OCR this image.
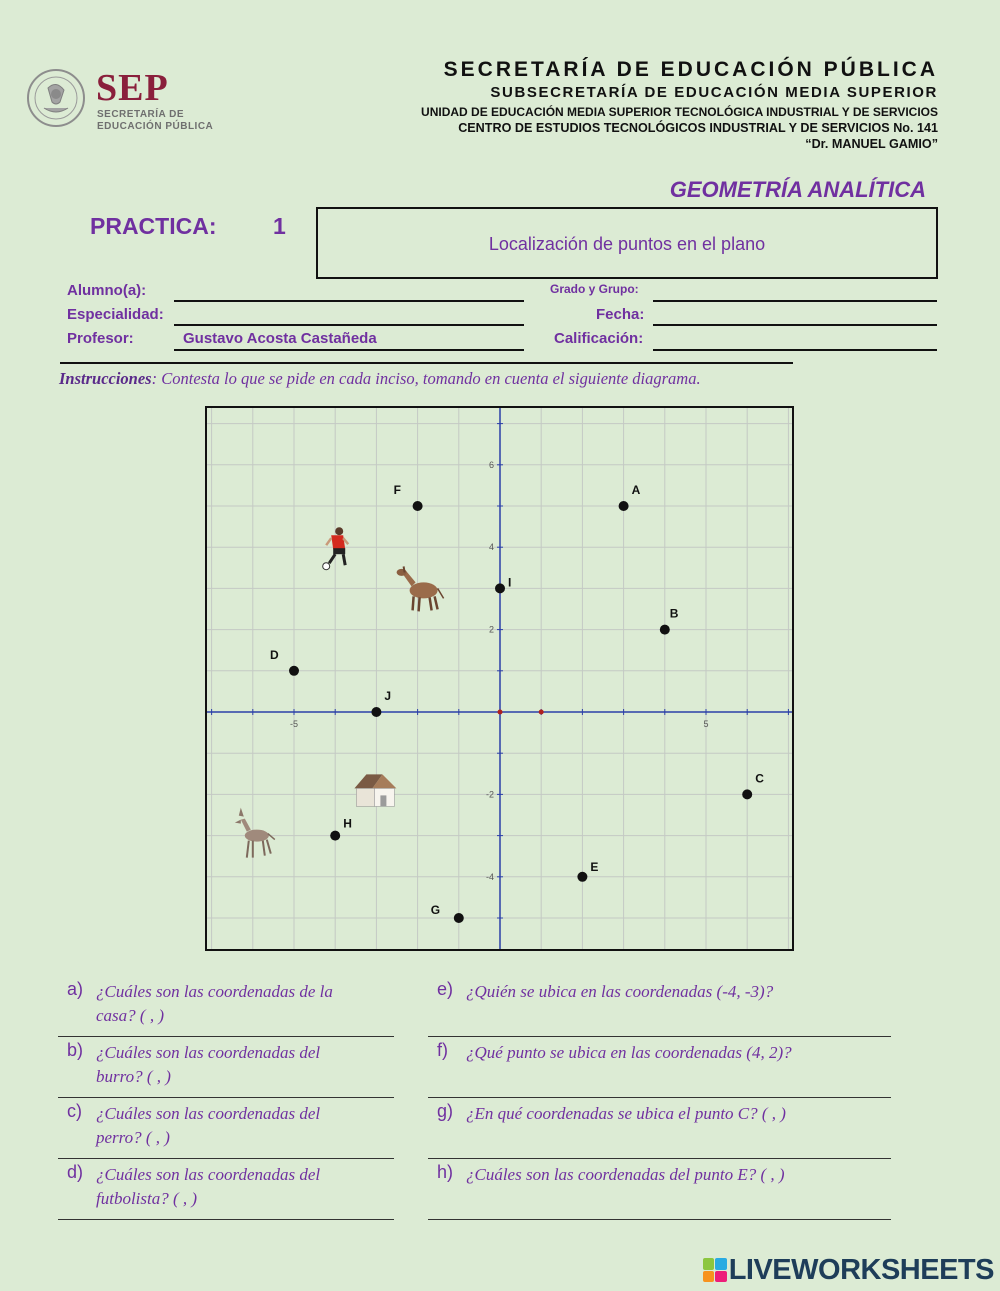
SEP
SECRETARÍA DE
EDUCACIÓN PÚBLICA
SECRETARÍA DE EDUCACIÓN PÚBLICA
SUBSECRETARÍA DE EDUCACIÓN MEDIA SUPERIOR
UNIDAD DE EDUCACIÓN MEDIA SUPERIOR TECNOLÓGICA INDUSTRIAL Y DE SERVICIOS
CENTRO DE ESTUDIOS TECNOLÓGICOS INDUSTRIAL Y DE SERVICIOS No. 141
“Dr. MANUEL GAMIO”
GEOMETRÍA ANALÍTICA
PRACTICA: 1
Localización de puntos en el plano
Alumno(a):
Especialidad:
Profesor:	Gustavo Acosta Castañeda
Grado y Grupo:
Fecha:
Calificación:
Instrucciones: Contesta lo que se pide en cada inciso, tomando en cuenta el siguiente diagrama.
-5	5
6
4
2
-2
-4
A
B
C
D
E
F
G
H
I
J
a) ¿Cuáles son las coordenadas de la casa? ( , )
b) ¿Cuáles son las coordenadas del burro? ( , )
c) ¿Cuáles son las coordenadas del perro? ( , )
d) ¿Cuáles son las coordenadas del futbolista? ( , )
e) ¿Quién se ubica en las coordenadas (-4, -3)?
f) ¿Qué punto se ubica en las coordenadas (4, 2)?
g) ¿En qué coordenadas se ubica el punto C? ( , )
h) ¿Cuáles son las coordenadas del punto E? ( , )
LIVEWORKSHEETS
